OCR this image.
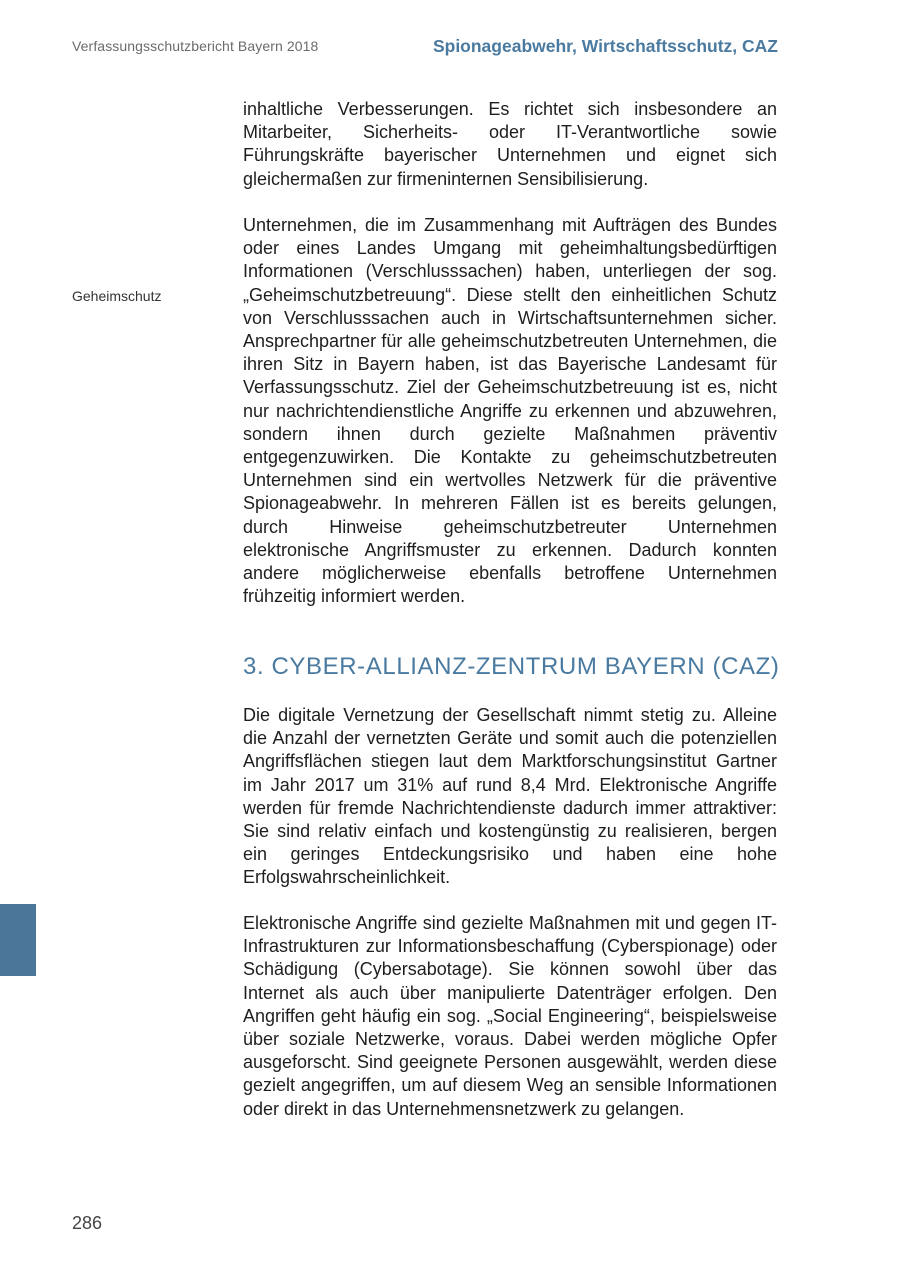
Verfassungsschutzbericht Bayern 2018	Spionageabwehr, Wirtschaftsschutz, CAZ
Geheimschutz

inhaltliche Verbesserungen. Es richtet sich insbesondere an Mitarbeiter, Sicherheits- oder IT-Verantwortliche sowie Führungskräfte bayerischer Unternehmen und eignet sich gleichermaßen zur firmeninternen Sensibilisierung.

Unternehmen, die im Zusammenhang mit Aufträgen des Bundes oder eines Landes Umgang mit geheimhaltungsbedürftigen Informationen (Verschlusssachen) haben, unterliegen der sog. „Geheimschutzbetreuung“. Diese stellt den einheitlichen Schutz von Verschlusssachen auch in Wirtschaftsunternehmen sicher. Ansprechpartner für alle geheimschutzbetreuten Unternehmen, die ihren Sitz in Bayern haben, ist das Bayerische Landesamt für Verfassungsschutz. Ziel der Geheimschutzbetreuung ist es, nicht nur nachrichtendienstliche Angriffe zu erkennen und abzuwehren, sondern ihnen durch gezielte Maßnahmen präventiv entgegenzuwirken. Die Kontakte zu geheimschutzbetreuten Unternehmen sind ein wertvolles Netzwerk für die präventive Spionageabwehr. In mehreren Fällen ist es bereits gelungen, durch Hinweise geheimschutzbetreuter Unternehmen elektronische Angriffsmuster zu erkennen. Dadurch konnten andere möglicherweise ebenfalls betroffene Unternehmen frühzeitig informiert werden.

3. CYBER-ALLIANZ-ZENTRUM BAYERN (CAZ)

Die digitale Vernetzung der Gesellschaft nimmt stetig zu. Alleine die Anzahl der vernetzten Geräte und somit auch die potenziellen Angriffsflächen stiegen laut dem Marktforschungsinstitut Gartner im Jahr 2017 um 31% auf rund 8,4 Mrd. Elektronische Angriffe werden für fremde Nachrichtendienste dadurch immer attraktiver: Sie sind relativ einfach und kostengünstig zu realisieren, bergen ein geringes Entdeckungsrisiko und haben eine hohe Erfolgswahrscheinlichkeit.

Elektronische Angriffe sind gezielte Maßnahmen mit und gegen IT-Infrastrukturen zur Informationsbeschaffung (Cyberspionage) oder Schädigung (Cybersabotage). Sie können sowohl über das Internet als auch über manipulierte Datenträger erfolgen. Den Angriffen geht häufig ein sog. „Social Engineering“, beispielsweise über soziale Netzwerke, voraus. Dabei werden mögliche Opfer ausgeforscht. Sind geeignete Personen ausgewählt, werden diese gezielt angegriffen, um auf diesem Weg an sensible Informationen oder direkt in das Unternehmensnetzwerk zu gelangen.

286
